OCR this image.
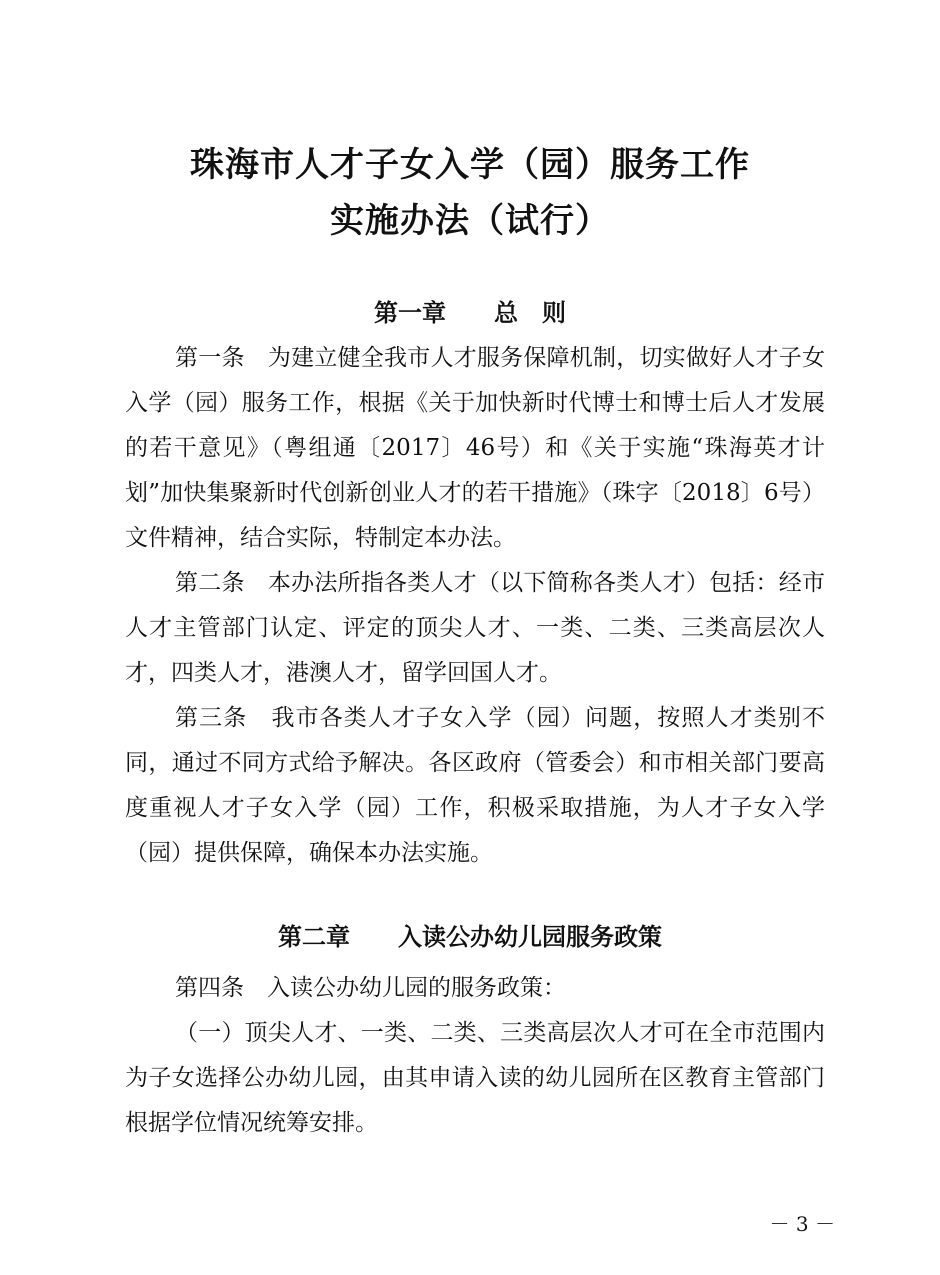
珠海市人才子女入学（园）服务工作
实施办法（试行）
第一章　　总　则

第一条　为建立健全我市人才服务保障机制，切实做好人才子女入学（园）服务工作，根据《关于加快新时代博士和博士后人才发展的若干意见》（粤组通〔2017〕46号）和《关于实施“珠海英才计划”加快集聚新时代创新创业人才的若干措施》（珠字〔2018〕6号）文件精神，结合实际，特制定本办法。

第二条　本办法所指各类人才（以下简称各类人才）包括：经市人才主管部门认定、评定的顶尖人才、一类、二类、三类高层次人才，四类人才，港澳人才，留学回国人才。

第三条　我市各类人才子女入学（园）问题，按照人才类别不同，通过不同方式给予解决。各区政府（管委会）和市相关部门要高度重视人才子女入学（园）工作，积极采取措施，为人才子女入学（园）提供保障，确保本办法实施。

第二章　　入读公办幼儿园服务政策

第四条　入读公办幼儿园的服务政策：

（一）顶尖人才、一类、二类、三类高层次人才可在全市范围内为子女选择公办幼儿园，由其申请入读的幼儿园所在区教育主管部门根据学位情况统筹安排。

－ 3 －
